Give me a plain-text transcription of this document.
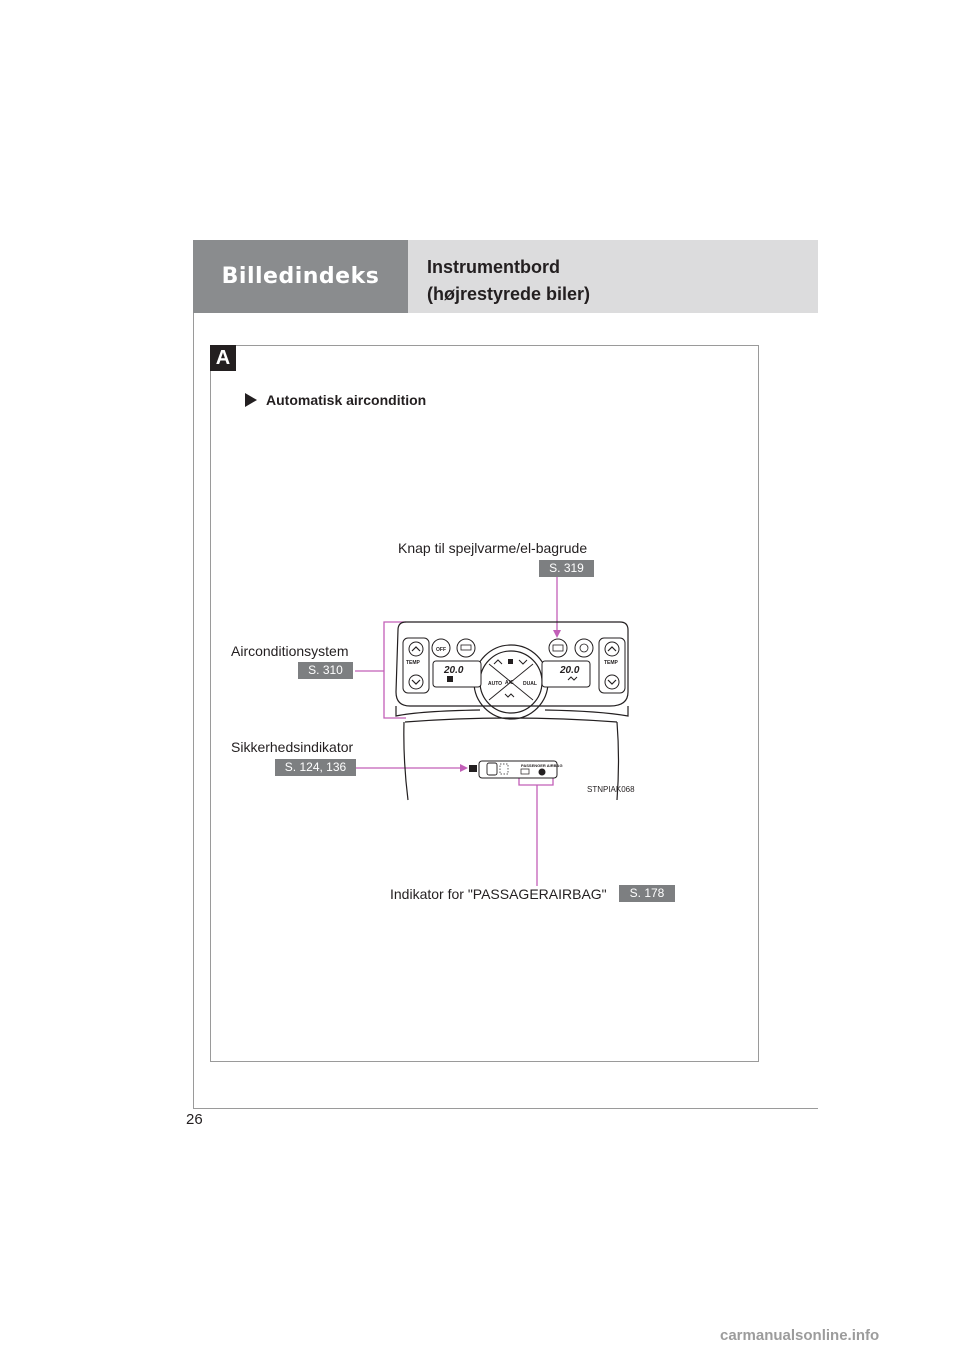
Billedindeks	Instrumentbord
(højrestyrede biler)
A
Automatisk aircondition
Knap til spejlvarme/el-bagrude
S. 319
Airconditionsystem
S. 310
Sikkerhedsindikator
S. 124, 136
Indikator for "PASSAGERAIRBAG"	S. 178
TEMP	TEMP
OFF
20.0	20.0
AUTO A/C DUAL
PASSENGER AIRBAG
STNPIAK068
26
carmanualsonline.info
